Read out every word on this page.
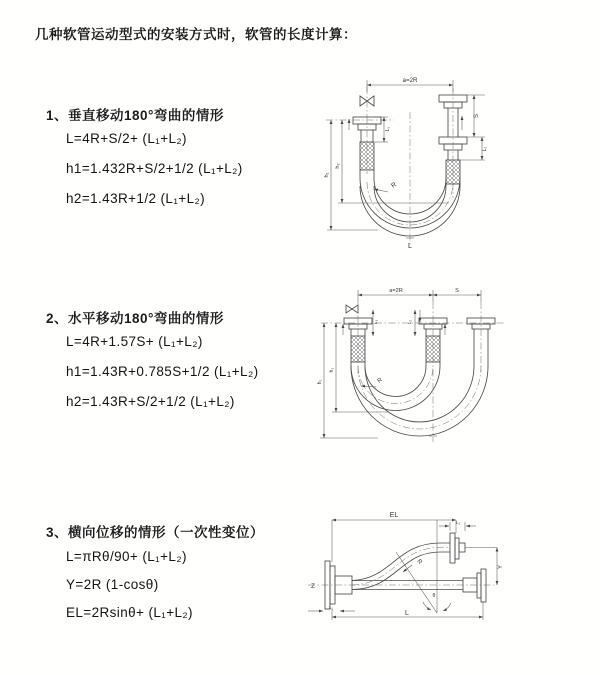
几种软管运动型式的安装方式时，软管的长度计算：
1、垂直移动180°弯曲的情形
L=4R+S/2+ (L₁+L₂)
h1=1.432R+S/2+1/2 (L₁+L₂)
h2=1.43R+1/2 (L₁+L₂)
2、水平移动180°弯曲的情形
L=4R+1.57S+ (L₁+L₂)
h1=1.43R+0.785S+1/2 (L₁+L₂)
h2=1.43R+S/2+1/2 (L₁+L₂)
3、横向位移的情形（一次性变位）
L=πRθ/90+ (L₁+L₂)
Y=2R (1-cosθ)
EL=2Rsinθ+ (L₁+L₂)
a=2R
L₁
S
L₂
R
L
h₁
h₂
a=2R	S
L₁	L₂
R
h₁
h₂
EL
L₂
Y
Z
θ
R
L₁
L
